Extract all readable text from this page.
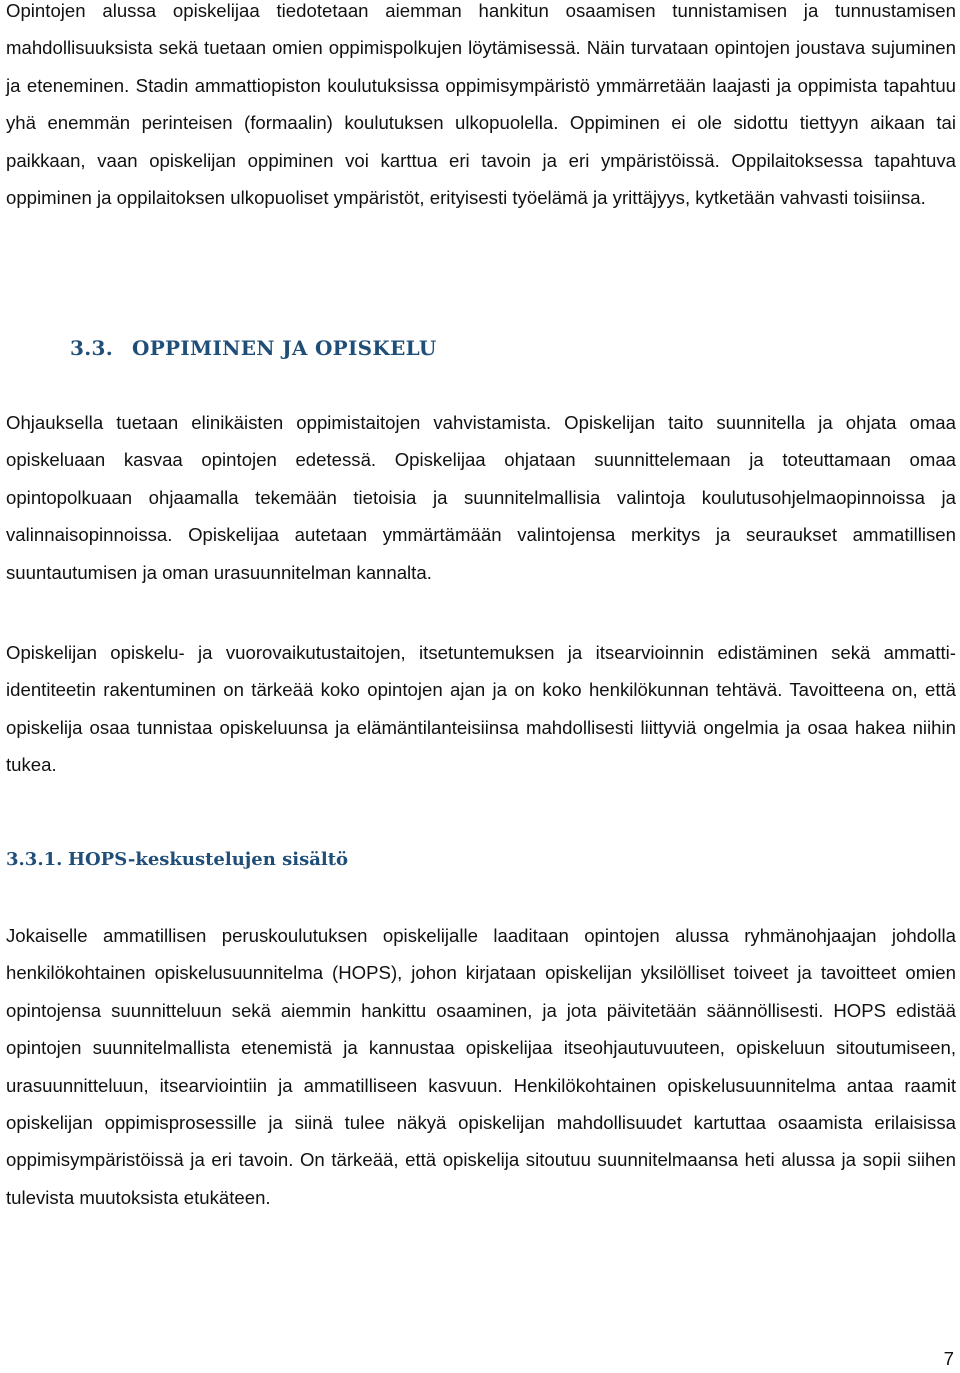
Opintojen alussa opiskelijaa tiedotetaan aiemman hankitun osaamisen tunnistamisen ja tunnustamisen mahdollisuuksista sekä tuetaan omien oppimispolkujen löytämisessä. Näin turvataan opintojen joustava sujuminen ja eteneminen. Stadin ammattiopiston koulutuksissa oppimisympäristö ymmärretään laajasti ja oppimista tapahtuu yhä enemmän perinteisen (formaalin) koulutuksen ulkopuolella. Oppiminen ei ole sidottu tiettyyn aikaan tai paikkaan, vaan opiskelijan oppiminen voi karttua eri tavoin ja eri ympäristöissä. Oppilaitoksessa tapahtuva oppiminen ja oppilaitoksen ulkopuoliset ympäristöt, erityisesti työelämä ja yrittäjyys, kytketään vahvasti toisiinsa.

3.3. OPPIMINEN JA OPISKELU

Ohjauksella tuetaan elinikäisten oppimistaitojen vahvistamista. Opiskelijan taito suunnitella ja ohjata omaa opiskeluaan kasvaa opintojen edetessä. Opiskelijaa ohjataan suunnittelemaan ja toteuttamaan omaa opintopolkuaan ohjaamalla tekemään tietoisia ja suunnitelmallisia valintoja koulutusohjelmaopinnoissa ja valinnaisopinnoissa. Opiskelijaa autetaan ymmärtämään valintojensa merkitys ja seuraukset ammatillisen suuntautumisen ja oman urasuunnitelman kannalta.

Opiskelijan opiskelu- ja vuorovaikutustaitojen, itsetuntemuksen ja itsearvioinnin edistäminen sekä ammatti-identiteetin rakentuminen on tärkeää koko opintojen ajan ja on koko henkilökunnan tehtävä. Tavoitteena on, että opiskelija osaa tunnistaa opiskeluunsa ja elämäntilanteisiinsa mahdollisesti liittyviä ongelmia ja osaa hakea niihin tukea.

3.3.1. HOPS-keskustelujen sisältö

Jokaiselle ammatillisen peruskoulutuksen opiskelijalle laaditaan opintojen alussa ryhmänohjaajan johdolla henkilökohtainen opiskelusuunnitelma (HOPS), johon kirjataan opiskelijan yksilölliset toiveet ja tavoitteet omien opintojensa suunnitteluun sekä aiemmin hankittu osaaminen, ja jota päivitetään säännöllisesti. HOPS edistää opintojen suunnitelmallista etenemistä ja kannustaa opiskelijaa itseohjautuvuuteen, opiskeluun sitoutumiseen, urasuunnitteluun, itsearviointiin ja ammatilliseen kasvuun. Henkilökohtainen opiskelusuunnitelma antaa raamit opiskelijan oppimisprosessille ja siinä tulee näkyä opiskelijan mahdollisuudet kartuttaa osaamista erilaisissa oppimisympäristöissä ja eri tavoin. On tärkeää, että opiskelija sitoutuu suunnitelmaansa heti alussa ja sopii siihen tulevista muutoksista etukäteen.

7
